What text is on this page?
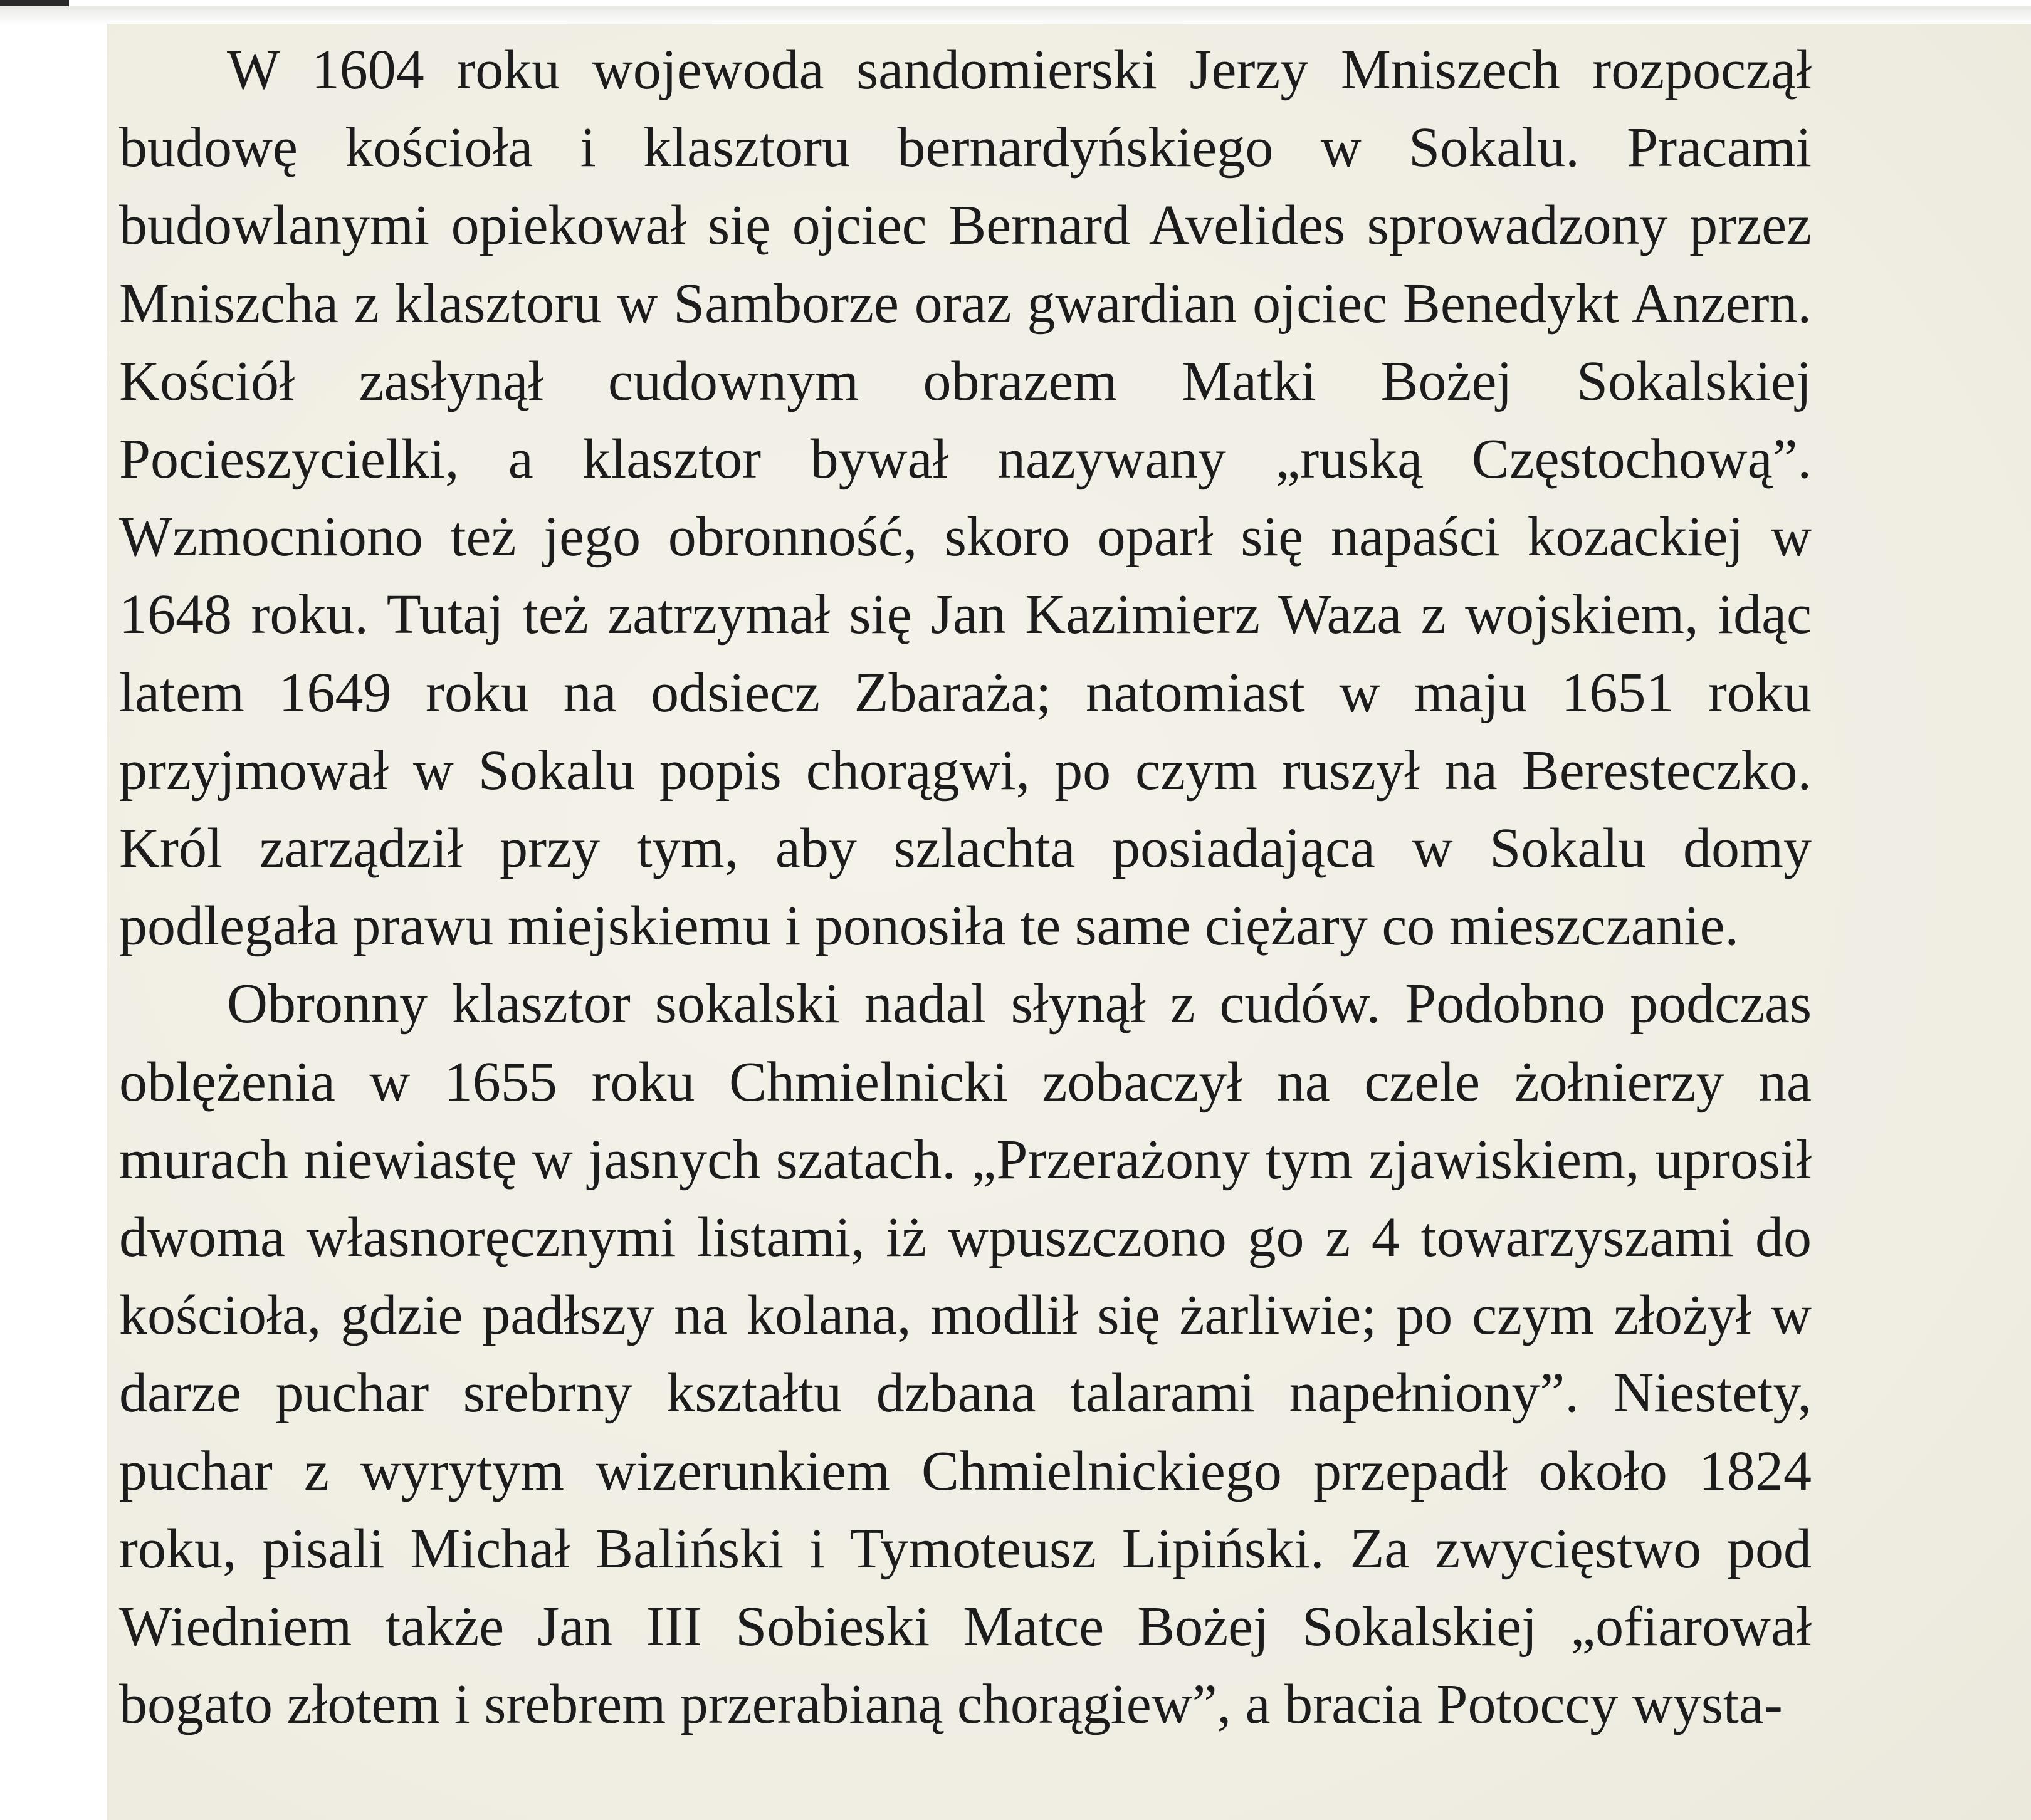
W 1604 roku wojewoda sandomierski Jerzy Mniszech rozpoczął budowę kościoła i klasztoru bernardyńskiego w Sokalu. Pracami budowlanymi opiekował się ojciec Bernard Avelides sprowadzony przez Mniszcha z klasztoru w Samborze oraz gwardian ojciec Benedykt Anzern. Kościół zasłynął cudownym obrazem Matki Bożej Sokalskiej Pocieszycielki, a klasztor bywał nazywany „ruską Częstochową”. Wzmocniono też jego obronność, skoro oparł się napaści kozackiej w 1648 roku. Tutaj też zatrzymał się Jan Kazimierz Waza z wojskiem, idąc latem 1649 roku na odsiecz Zbaraża; natomiast w maju 1651 roku przyjmował w Sokalu popis chorągwi, po czym ruszył na Beresteczko. Król zarządził przy tym, aby szlachta posiadająca w Sokalu domy podlegała prawu miejskiemu i ponosiła te same ciężary co mieszczanie.

Obronny klasztor sokalski nadal słynął z cudów. Podobno podczas oblężenia w 1655 roku Chmielnicki zobaczył na czele żołnierzy na murach niewiastę w jasnych szatach. „Przerażony tym zjawiskiem, uprosił dwoma własnoręcznymi listami, iż wpuszczono go z 4 towarzyszami do kościoła, gdzie padłszy na kolana, modlił się żarliwie; po czym złożył w darze puchar srebrny kształtu dzbana talarami napełniony”. Niestety, puchar z wyrytym wizerunkiem Chmielnickiego przepadł około 1824 roku, pisali Michał Baliński i Tymoteusz Lipiński. Za zwycięstwo pod Wiedniem także Jan III Sobieski Matce Bożej Sokalskiej „ofiarował bogato złotem i srebrem przerabianą chorągiew”, a bracia Potoccy wysta-
